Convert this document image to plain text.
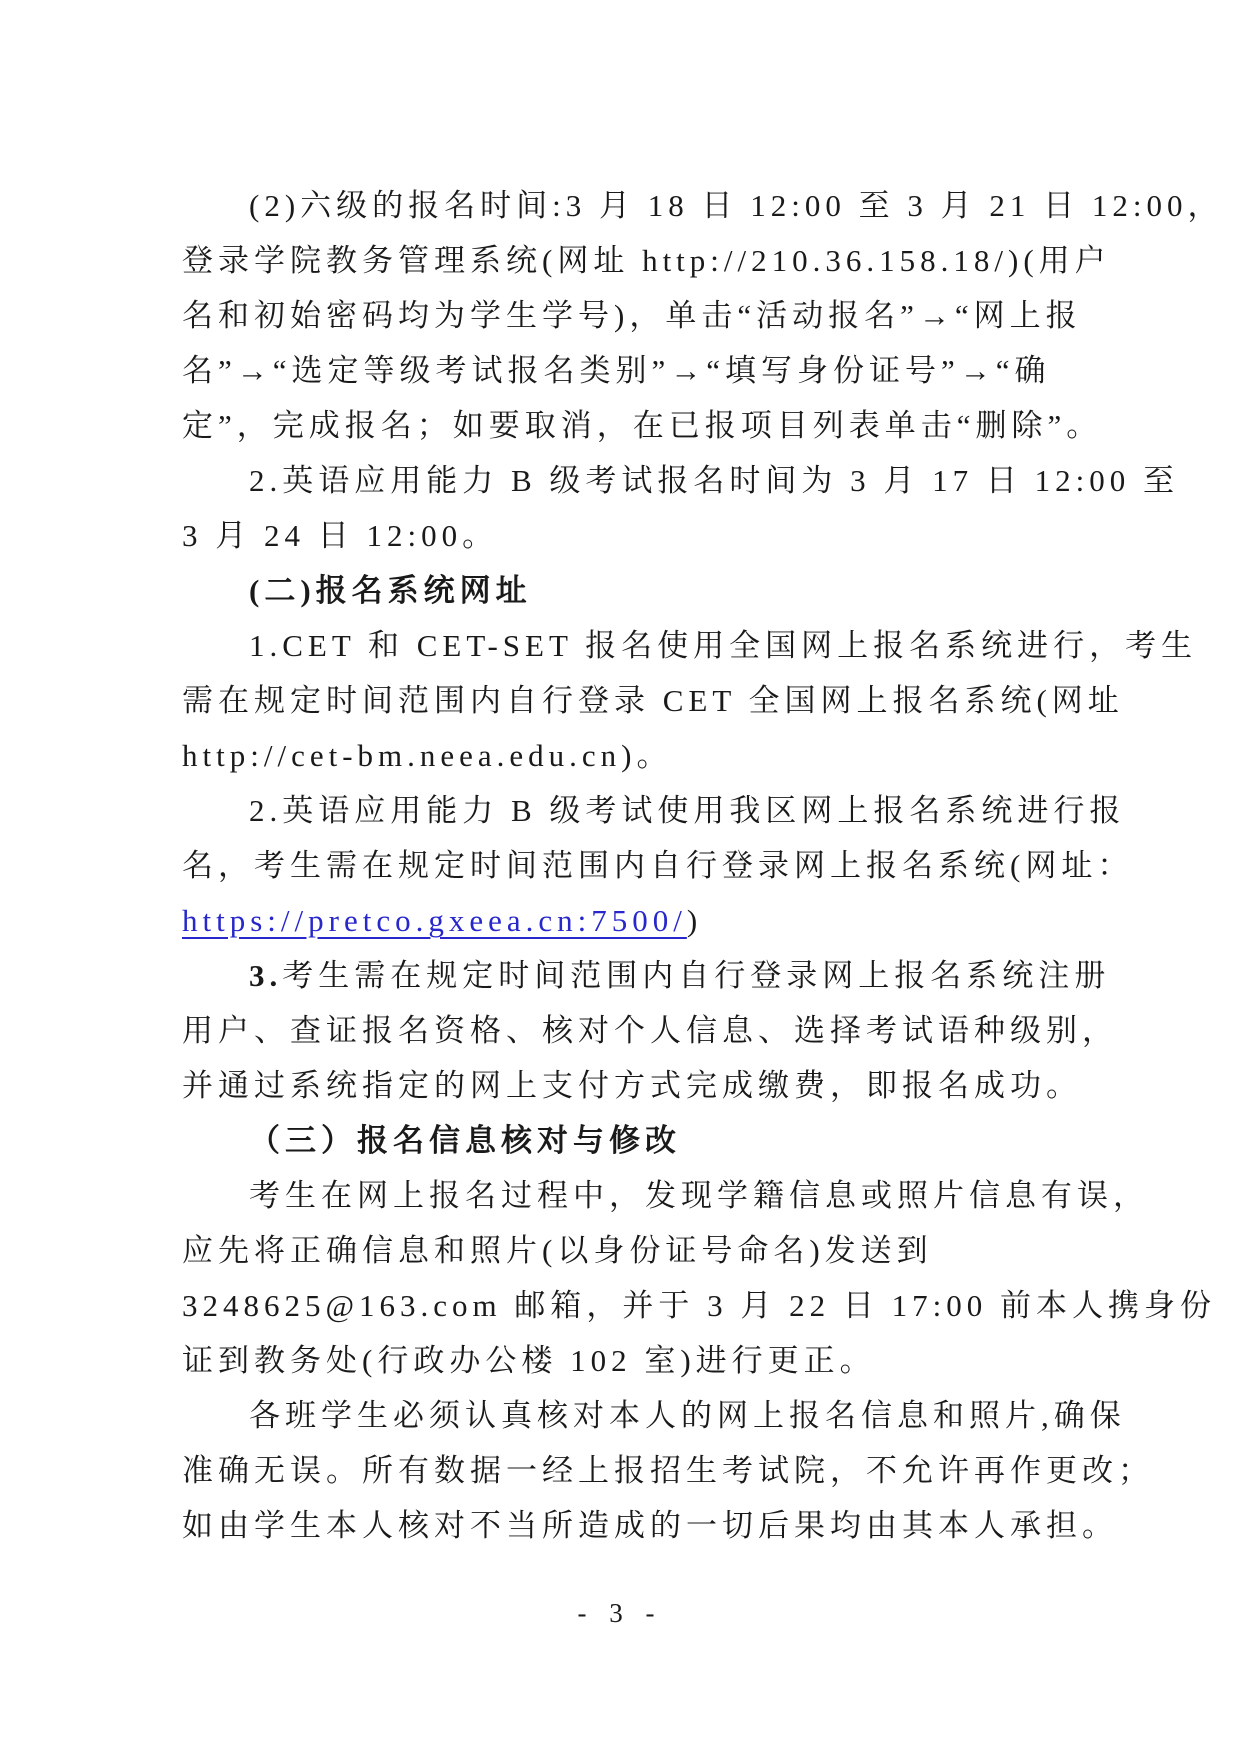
(2)六级的报名时间:3 月 18 日 12:00 至 3 月 21 日 12:00，
登录学院教务管理系统(网址 http://210.36.158.18/)(用户
名和初始密码均为学生学号)，单击“活动报名”→“网上报
名”→“选定等级考试报名类别”→“填写身份证号”→“确
定”，完成报名；如要取消，在已报项目列表单击“删除”。
2.英语应用能力 B 级考试报名时间为 3 月 17 日 12:00 至
3 月 24 日 12:00。
(二)报名系统网址
1.CET 和 CET-SET 报名使用全国网上报名系统进行，考生
需在规定时间范围内自行登录 CET 全国网上报名系统(网址
http://cet-bm.neea.edu.cn)。
2.英语应用能力 B 级考试使用我区网上报名系统进行报
名，考生需在规定时间范围内自行登录网上报名系统(网址：
https://pretco.gxeea.cn:7500/)
3.考生需在规定时间范围内自行登录网上报名系统注册
用户、查证报名资格、核对个人信息、选择考试语种级别，
并通过系统指定的网上支付方式完成缴费，即报名成功。
（三）报名信息核对与修改
考生在网上报名过程中，发现学籍信息或照片信息有误，
应先将正确信息和照片(以身份证号命名)发送到
3248625@163.com 邮箱，并于 3 月 22 日 17:00 前本人携身份
证到教务处(行政办公楼 102 室)进行更正。
各班学生必须认真核对本人的网上报名信息和照片,确保
准确无误。所有数据一经上报招生考试院，不允许再作更改；
如由学生本人核对不当所造成的一切后果均由其本人承担。
- 3 -
